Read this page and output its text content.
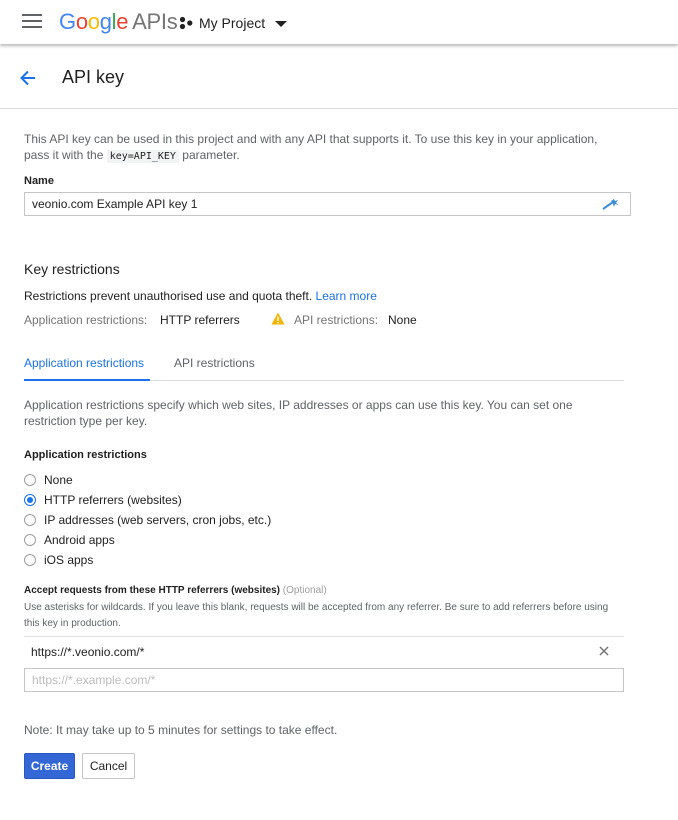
Google APIs My Project
API key
This API key can be used in this project and with any API that supports it. To use this key in your application, pass it with the key=API_KEY parameter.
Name
veonio.com Example API key 1
Key restrictions
Restrictions prevent unauthorised use and quota theft. Learn more
Application restrictions: HTTP referrers	API restrictions: None
Application restrictions	API restrictions
Application restrictions specify which web sites, IP addresses or apps can use this key. You can set one restriction type per key.
Application restrictions
None
HTTP referrers (websites)
IP addresses (web servers, cron jobs, etc.)
Android apps
iOS apps
Accept requests from these HTTP referrers (websites) (Optional)
Use asterisks for wildcards. If you leave this blank, requests will be accepted from any referrer. Be sure to add referrers before using this key in production.
https://*.veonio.com/*
https://*.example.com/*
Note: It may take up to 5 minutes for settings to take effect.
Create	Cancel
